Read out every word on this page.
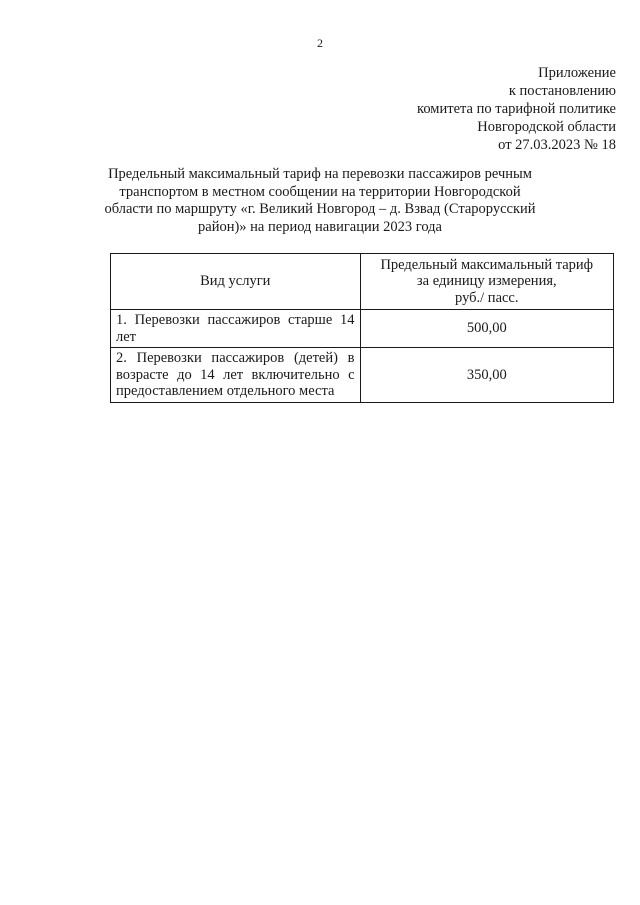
2
Приложение
к постановлению
комитета по тарифной политике
Новгородской области
от 27.03.2023 № 18
Предельный максимальный тариф на перевозки пассажиров речным транспортом в местном сообщении на территории Новгородской области по маршруту «г. Великий Новгород – д. Взвад (Старорусский район)» на период навигации 2023 года
Вид услуги	Предельный максимальный тариф
за единицу измерения,
руб./ пасс.

1. Перевозки пассажиров старше 14 лет	500,00
2. Перевозки пассажиров (детей) в возрасте до 14 лет включительно с предоставлением отдельного места	350,00
